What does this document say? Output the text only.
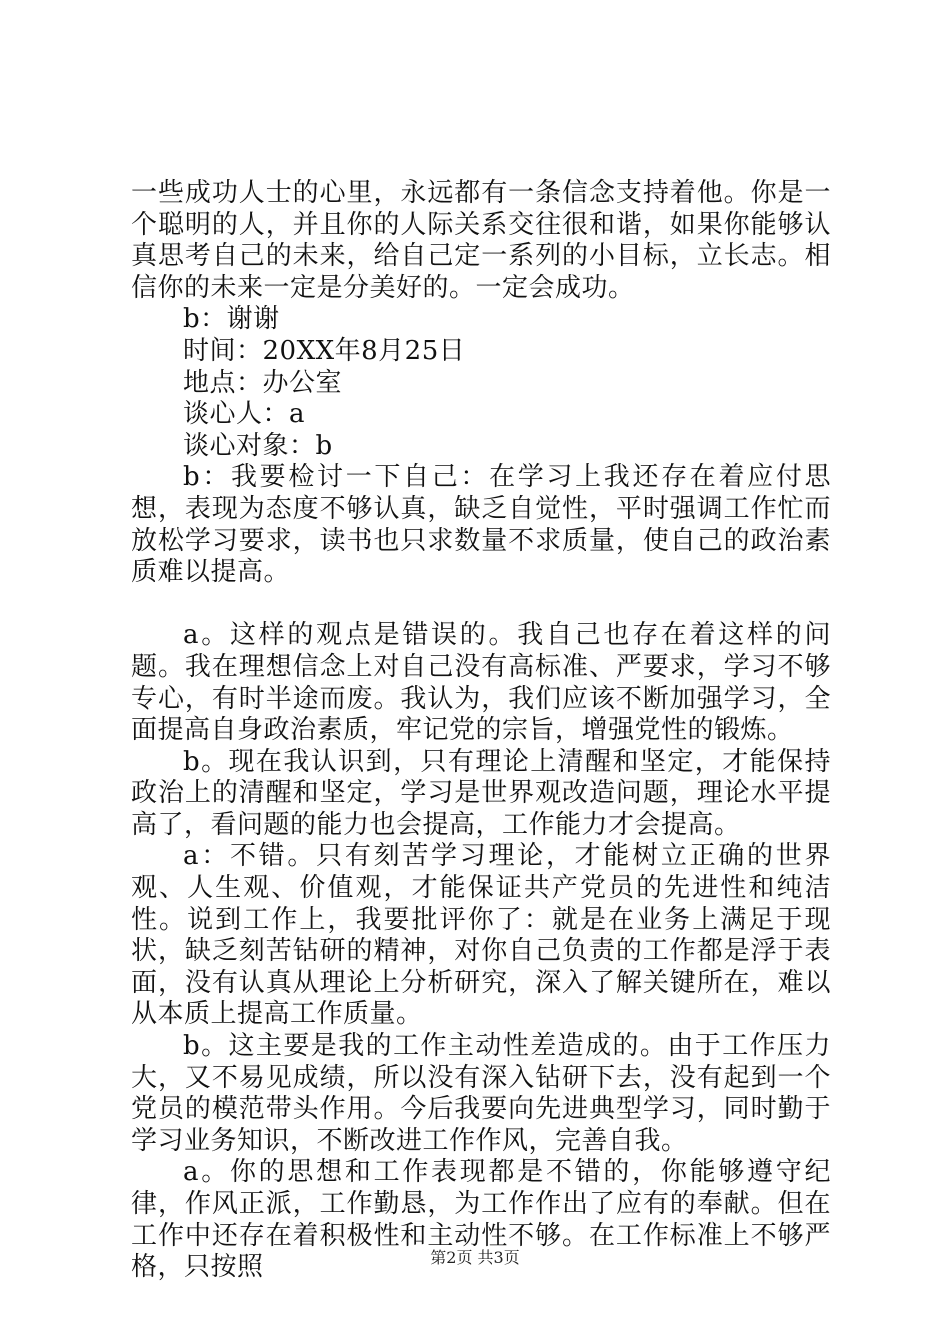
一些成功人士的心里，永远都有一条信念支持着他。你是一个聪明的人，并且你的人际关系交往很和谐，如果你能够认真思考自己的未来，给自己定一系列的小目标，立长志。相信你的未来一定是分美好的。一定会成功。

b：谢谢

时间：20XX年8月25日

地点：办公室

谈心人：a

谈心对象：b

b：我要检讨一下自己：在学习上我还存在着应付思想，表现为态度不够认真，缺乏自觉性，平时强调工作忙而放松学习要求，读书也只求数量不求质量，使自己的政治素质难以提高。

a。这样的观点是错误的。我自己也存在着这样的问题。我在理想信念上对自己没有高标准、严要求，学习不够专心，有时半途而废。我认为，我们应该不断加强学习，全面提高自身政治素质，牢记党的宗旨，增强党性的锻炼。

b。现在我认识到，只有理论上清醒和坚定，才能保持政治上的清醒和坚定，学习是世界观改造问题，理论水平提高了，看问题的能力也会提高，工作能力才会提高。

a：不错。只有刻苦学习理论，才能树立正确的世界观、人生观、价值观，才能保证共产党员的先进性和纯洁性。说到工作上，我要批评你了：就是在业务上满足于现状，缺乏刻苦钻研的精神，对你自己负责的工作都是浮于表面，没有认真从理论上分析研究，深入了解关键所在，难以从本质上提高工作质量。

b。这主要是我的工作主动性差造成的。由于工作压力大，又不易见成绩，所以没有深入钻研下去，没有起到一个党员的模范带头作用。今后我要向先进典型学习，同时勤于学习业务知识，不断改进工作作风，完善自我。

a。你的思想和工作表现都是不错的，你能够遵守纪律，作风正派，工作勤恳，为工作作出了应有的奉献。但在工作中还存在着积极性和主动性不够。在工作标准上不够严格，只按照	第2页 共3页
